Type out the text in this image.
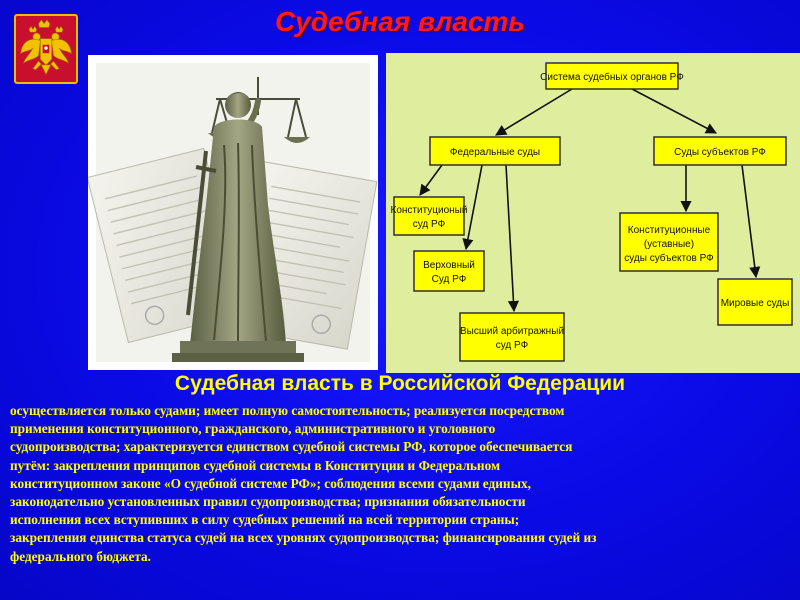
Судебная власть
Система судебных органов РФ
Федеральные суды	Суды субъектов РФ
Конституционый
суд РФ
Верховный
Суд РФ
Высший арбитражный
суд РФ
Конституционные
(уставные)
суды субъектов РФ
Мировые суды
Судебная власть в Российской Федерации
осуществляется только судами; имеет полную самостоятельность; реализуется посредством
применения конституционного, гражданского, административного и уголовного
судопроизводства; характеризуется единством судебной системы РФ, которое обеспечивается
путём: закрепления принципов судебной системы в Конституции и Федеральном
конституционном законе «О судебной системе РФ»; соблюдения всеми судами единых,
законодательно установленных правил судопроизводства; признания обязательности
исполнения всех вступивших в силу судебных решений на всей территории страны;
закрепления единства статуса судей на всех уровнях судопроизводства; финансирования судей из
федерального бюджета.
